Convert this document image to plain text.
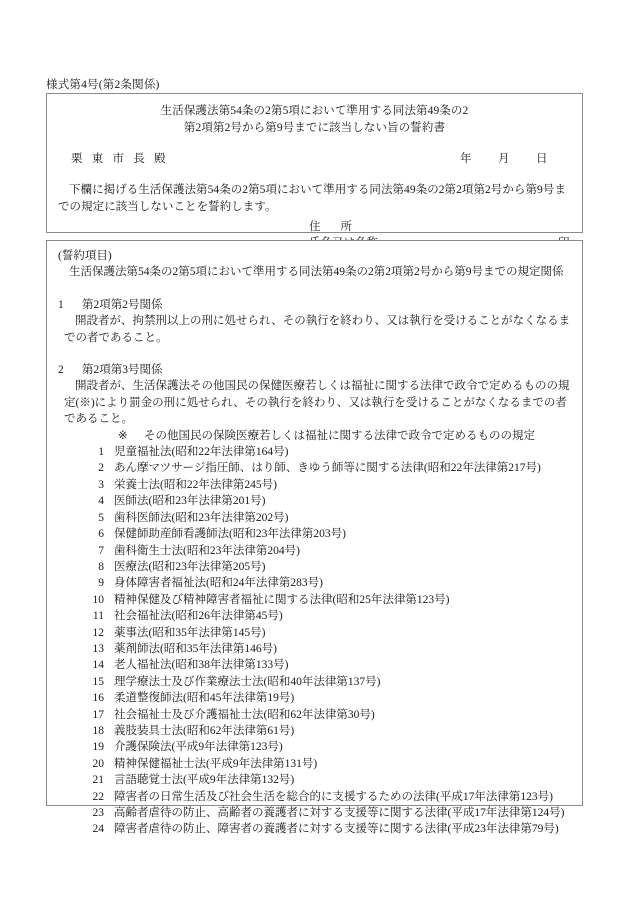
様式第4号(第2条関係)
生活保護法第54条の2第5項において準用する同法第49条の2
第2項第2号から第9号までに該当しない旨の誓約書
栗 東 市 長 殿	年 月 日
下欄に掲げる生活保護法第54条の2第5項において準用する同法第49条の2第2項第2号から第9号までの規定に該当しないことを誓約します。
住所
(誓約項目)
生活保護法第54条の2第5項において準用する同法第49条の2第2項第2号から第9号までの規定関係
1 第2項第2号関係
開設者が、拘禁刑以上の刑に処せられ、その執行を終わり、又は執行を受けることがなくなるまでの者であること。
2 第2項第3号関係
開設者が、生活保護法その他国民の保健医療若しくは福祉に関する法律で政令で定めるものの規定(※)により罰金の刑に処せられ、その執行を終わり、又は執行を受けることがなくなるまでの者であること。
※ その他国民の保険医療若しくは福祉に関する法律で政令で定めるものの規定
1 児童福祉法(昭和22年法律第164号)
2 あん摩マツサージ指圧師、はり師、きゆう師等に関する法律(昭和22年法律第217号)
3 栄養士法(昭和22年法律第245号)
4 医師法(昭和23年法律第201号)
5 歯科医師法(昭和23年法律第202号)
6 保健師助産師看護師法(昭和23年法律第203号)
7 歯科衛生士法(昭和23年法律第204号)
8 医療法(昭和23年法律第205号)
9 身体障害者福祉法(昭和24年法律第283号)
10 精神保健及び精神障害者福祉に関する法律(昭和25年法律第123号)
11 社会福祉法(昭和26年法律第45号)
12 薬事法(昭和35年法律第145号)
13 薬剤師法(昭和35年法律第146号)
14 老人福祉法(昭和38年法律第133号)
15 理学療法士及び作業療法士法(昭和40年法律第137号)
16 柔道整復師法(昭和45年法律第19号)
17 社会福祉士及び介護福祉士法(昭和62年法律第30号)
18 義肢装具士法(昭和62年法律第61号)
19 介護保険法(平成9年法律第123号)
20 精神保健福祉士法(平成9年法律第131号)
21 言語聴覚士法(平成9年法律第132号)
22 障害者の日常生活及び社会生活を総合的に支援するための法律(平成17年法律第123号)
23 高齢者虐待の防止、高齢者の養護者に対する支援等に関する法律(平成17年法律第124号)
24 障害者虐待の防止、障害者の養護者に対する支援等に関する法律(平成23年法律第79号)
